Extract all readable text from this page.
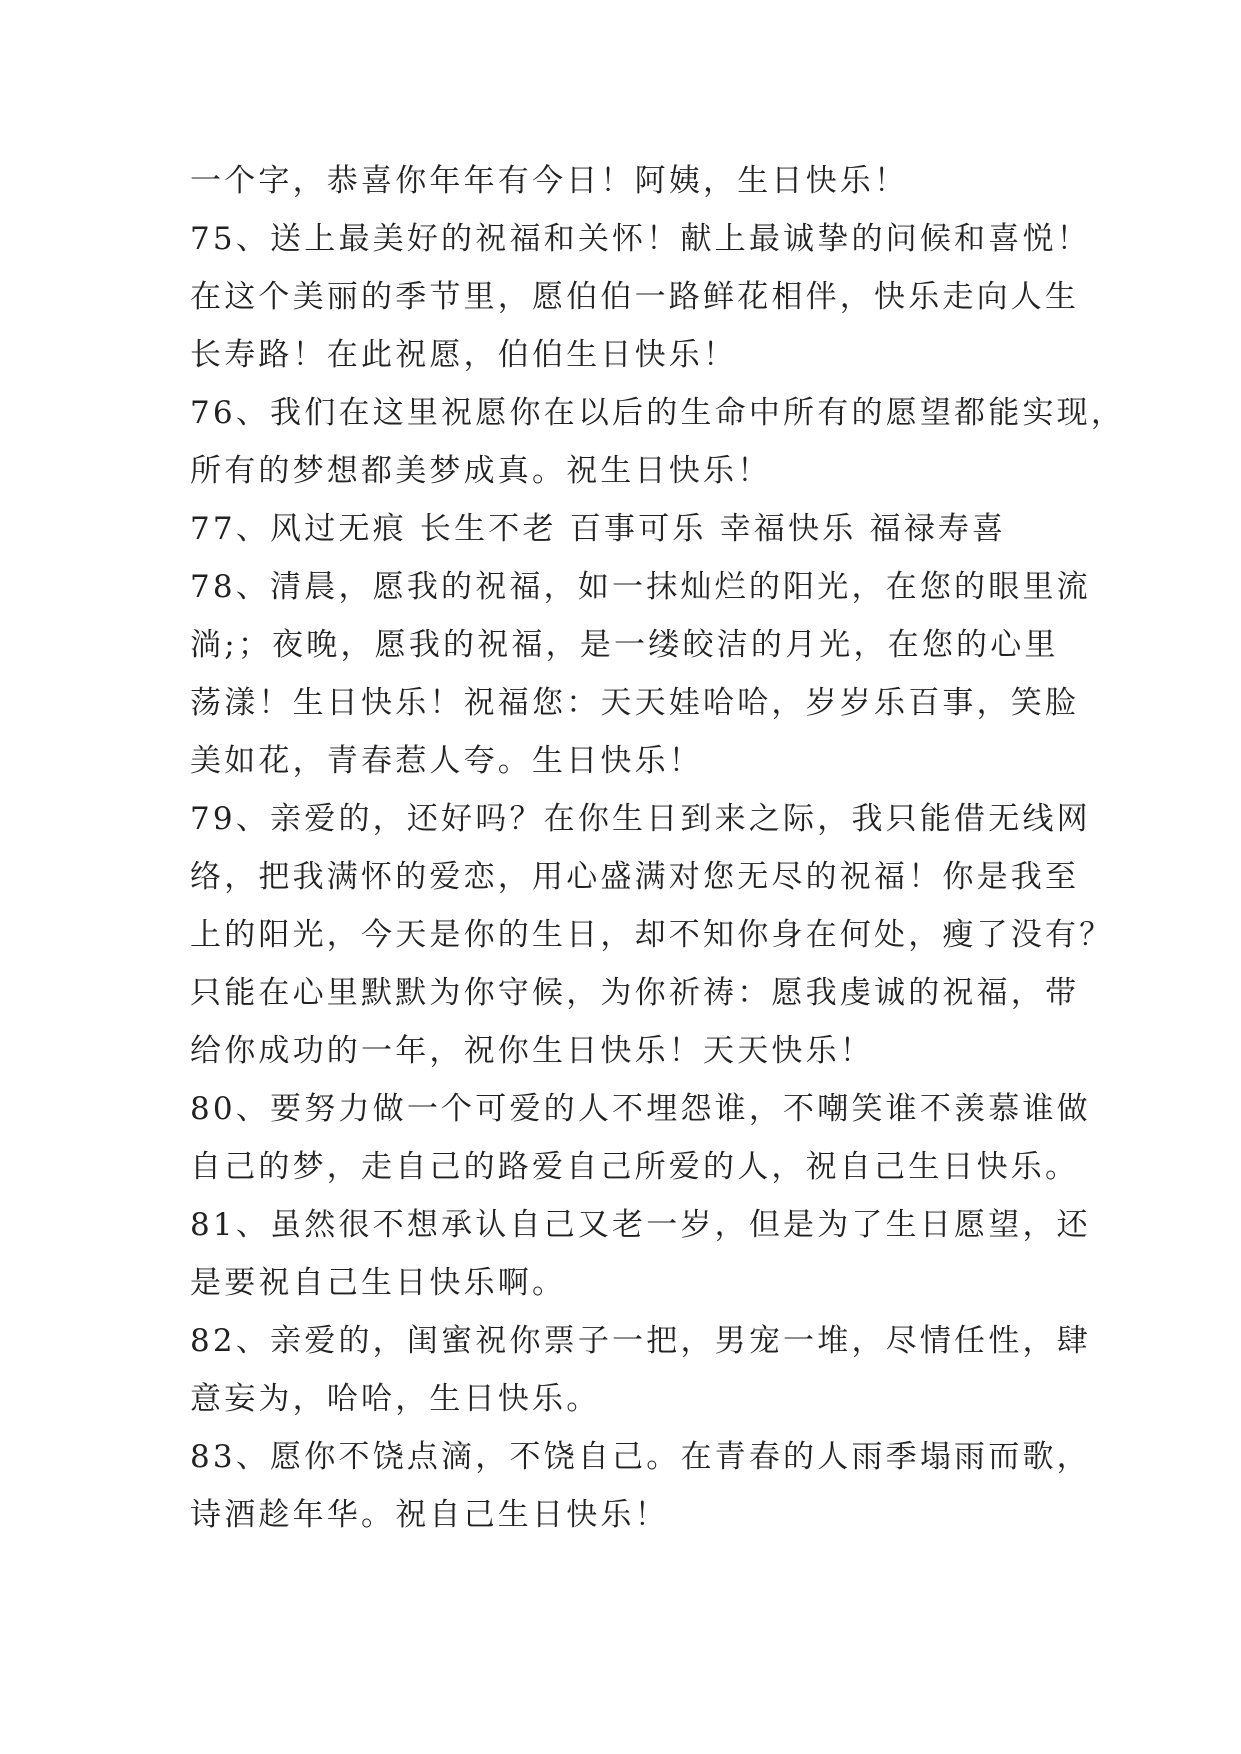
一个字，恭喜你年年有今日！阿姨，生日快乐！
75、送上最美好的祝福和关怀！献上最诚挚的问候和喜悦！
在这个美丽的季节里，愿伯伯一路鲜花相伴，快乐走向人生
长寿路！在此祝愿，伯伯生日快乐！
76、我们在这里祝愿你在以后的生命中所有的愿望都能实现，
所有的梦想都美梦成真。祝生日快乐！
77、风过无痕 长生不老 百事可乐 幸福快乐 福禄寿喜
78、清晨，愿我的祝福，如一抹灿烂的阳光，在您的眼里流
淌;；夜晚，愿我的祝福，是一缕皎洁的月光，在您的心里
荡漾！生日快乐！祝福您：天天娃哈哈，岁岁乐百事，笑脸
美如花，青春惹人夸。生日快乐！
79、亲爱的，还好吗？在你生日到来之际，我只能借无线网
络，把我满怀的爱恋，用心盛满对您无尽的祝福！你是我至
上的阳光，今天是你的生日，却不知你身在何处，瘦了没有？
只能在心里默默为你守候，为你祈祷：愿我虔诚的祝福，带
给你成功的一年，祝你生日快乐！天天快乐！
80、要努力做一个可爱的人不埋怨谁，不嘲笑谁不羡慕谁做
自己的梦，走自己的路爱自己所爱的人，祝自己生日快乐。
81、虽然很不想承认自己又老一岁，但是为了生日愿望，还
是要祝自己生日快乐啊。
82、亲爱的，闺蜜祝你票子一把，男宠一堆，尽情任性，肆
意妄为，哈哈，生日快乐。
83、愿你不饶点滴，不饶自己。在青春的人雨季塌雨而歌，
诗酒趁年华。祝自己生日快乐！
